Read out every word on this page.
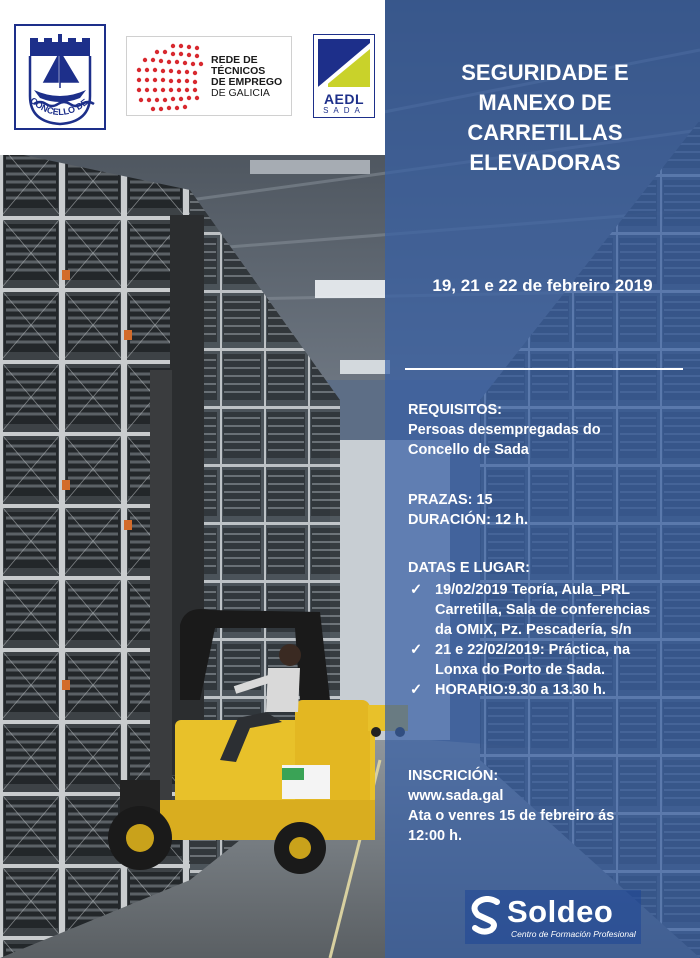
CONCELLO DE
REDE DE
TÉCNICOS
DE EMPREGO
DE GALICIA	AEDL
SADA
SEGURIDADE E
MANEXO DE
CARRETILLAS
ELEVADORAS
19, 21 e 22 de febreiro 2019
REQUISITOS:
Persoas desempregadas do
Concello de Sada
PRAZAS: 15
DURACIÓN: 12 h.
DATAS E LUGAR:
✓ 19/02/2019 Teoría, Aula_PRL
Carretilla, Sala de conferencias
da OMIX, Pz. Pescadería, s/n
✓ 21 e 22/02/2019: Práctica, na
Lonxa do Porto de Sada.
✓ HORARIO:9.30 a 13.30 h.
INSCRICIÓN:
www.sada.gal
Ata o venres 15 de febreiro ás
12:00 h.
Soldeo
Centro de Formación Profesional
